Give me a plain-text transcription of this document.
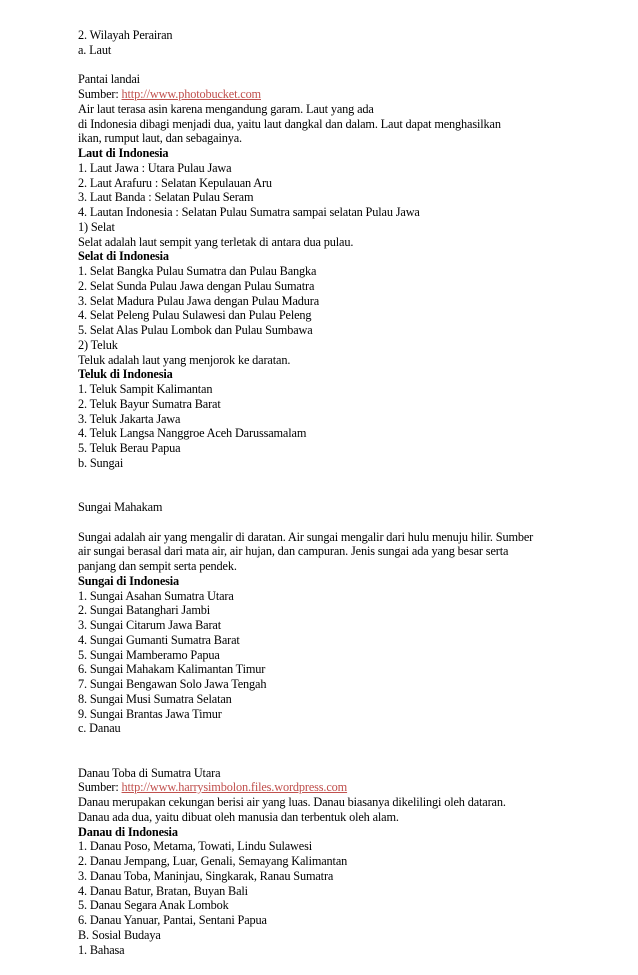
2. Wilayah Perairan
a. Laut
Pantai landai
Sumber: http://www.photobucket.com
Air laut terasa asin karena mengandung garam. Laut yang ada
di Indonesia dibagi menjadi dua, yaitu laut dangkal dan dalam. Laut dapat menghasilkan
ikan, rumput laut, dan sebagainya.
Laut di Indonesia
1. Laut Jawa : Utara Pulau Jawa
2. Laut Arafuru : Selatan Kepulauan Aru
3. Laut Banda : Selatan Pulau Seram
4. Lautan Indonesia : Selatan Pulau Sumatra sampai selatan Pulau Jawa
1) Selat
Selat adalah laut sempit yang terletak di antara dua pulau.
Selat di Indonesia
1. Selat Bangka Pulau Sumatra dan Pulau Bangka
2. Selat Sunda Pulau Jawa dengan Pulau Sumatra
3. Selat Madura Pulau Jawa dengan Pulau Madura
4. Selat Peleng Pulau Sulawesi dan Pulau Peleng
5. Selat Alas Pulau Lombok dan Pulau Sumbawa
2) Teluk
Teluk adalah laut yang menjorok ke daratan.
Teluk di Indonesia
1. Teluk Sampit Kalimantan
2. Teluk Bayur Sumatra Barat
3. Teluk Jakarta Jawa
4. Teluk Langsa Nanggroe Aceh Darussamalam
5. Teluk Berau Papua
b. Sungai
Sungai Mahakam
Sungai adalah air yang mengalir di daratan. Air sungai mengalir dari hulu menuju hilir. Sumber
air sungai berasal dari mata air, air hujan, dan campuran. Jenis sungai ada yang besar serta
panjang dan sempit serta pendek.
Sungai di Indonesia
1. Sungai Asahan Sumatra Utara
2. Sungai Batanghari Jambi
3. Sungai Citarum Jawa Barat
4. Sungai Gumanti Sumatra Barat
5. Sungai Mamberamo Papua
6. Sungai Mahakam Kalimantan Timur
7. Sungai Bengawan Solo Jawa Tengah
8. Sungai Musi Sumatra Selatan
9. Sungai Brantas Jawa Timur
c. Danau
Danau Toba di Sumatra Utara
Sumber: http://www.harrysimbolon.files.wordpress.com
Danau merupakan cekungan berisi air yang luas. Danau biasanya dikelilingi oleh dataran.
Danau ada dua, yaitu dibuat oleh manusia dan terbentuk oleh alam.
Danau di Indonesia
1. Danau Poso, Metama, Towati, Lindu Sulawesi
2. Danau Jempang, Luar, Genali, Semayang Kalimantan
3. Danau Toba, Maninjau, Singkarak, Ranau Sumatra
4. Danau Batur, Bratan, Buyan Bali
5. Danau Segara Anak Lombok
6. Danau Yanuar, Pantai, Sentani Papua
B. Sosial Budaya
1. Bahasa
